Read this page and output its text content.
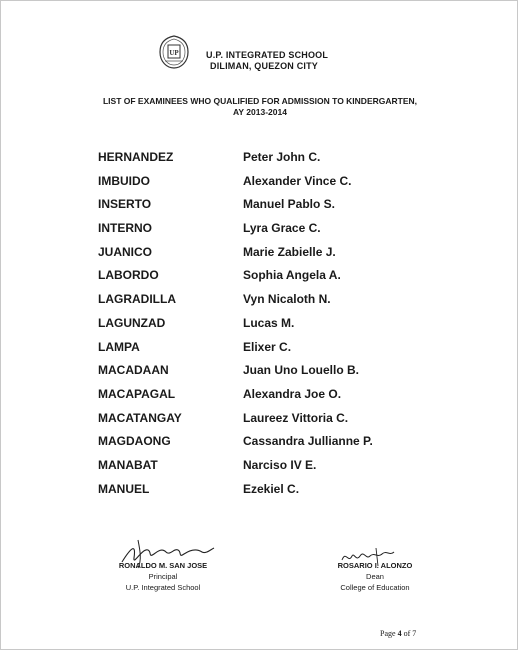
UP	U.P. INTEGRATED SCHOOL
DILIMAN, QUEZON CITY
LIST OF EXAMINEES WHO QUALIFIED FOR ADMISSION TO KINDERGARTEN, AY 2013-2014
HERNANDEZ	Peter John C.
IMBUIDO	Alexander Vince C.
INSERTO	Manuel Pablo S.
INTERNO	Lyra Grace C.
JUANICO	Marie Zabielle J.
LABORDO	Sophia Angela A.
LAGRADILLA	Vyn Nicaloth N.
LAGUNZAD	Lucas M.
LAMPA	Elixer C.
MACADAAN	Juan Uno Louello B.
MACAPAGAL	Alexandra Joe O.
MACATANGAY	Laureez Vittoria C.
MAGDAONG	Cassandra Jullianne P.
MANABAT	Narciso IV E.
MANUEL	Ezekiel C.
RONALDO M. SAN JOSE
Principal
U.P. Integrated School
ROSARIO I. ALONZO
Dean
College of Education
Page 4 of 7
